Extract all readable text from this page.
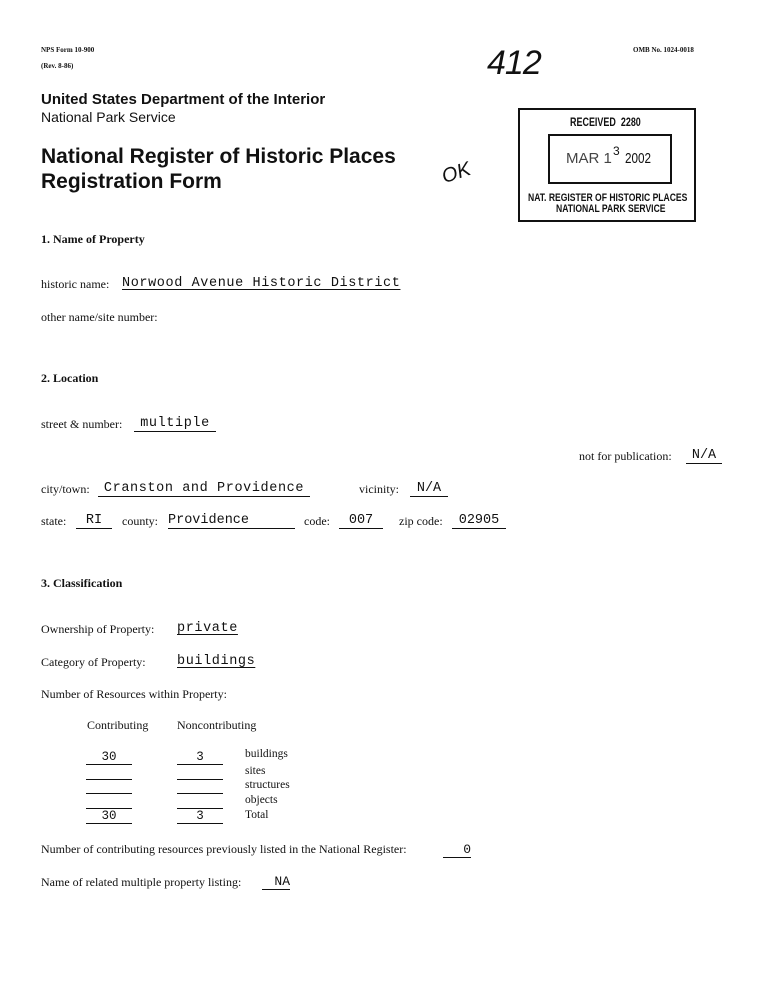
NPS Form 10-900
(Rev. 8-86)
OMB No. 1024-0018
412
OK
United States Department of the Interior
National Park Service
National Register of Historic Places
Registration Form
RECEIVED 2280
MAR 1 3 2002
NAT. REGISTER OF HISTORIC PLACES
NATIONAL PARK SERVICE
1. Name of Property
historic name: Norwood Avenue Historic District
other name/site number:
2. Location
street & number:	multiple
not for publication:	N/A
city/town:	Cranston and Providence	vicinity:	N/A
state:	RI	county: Providence	code:	007	zip code:	02905
3. Classification
Ownership of Property: private
Category of Property: buildings
Number of Resources within Property:
Contributing Noncontributing
30	3	buildings
sites
structures
objects
30	3	Total
Number of contributing resources previously listed in the National Register:	0
Name of related multiple property listing:	NA
